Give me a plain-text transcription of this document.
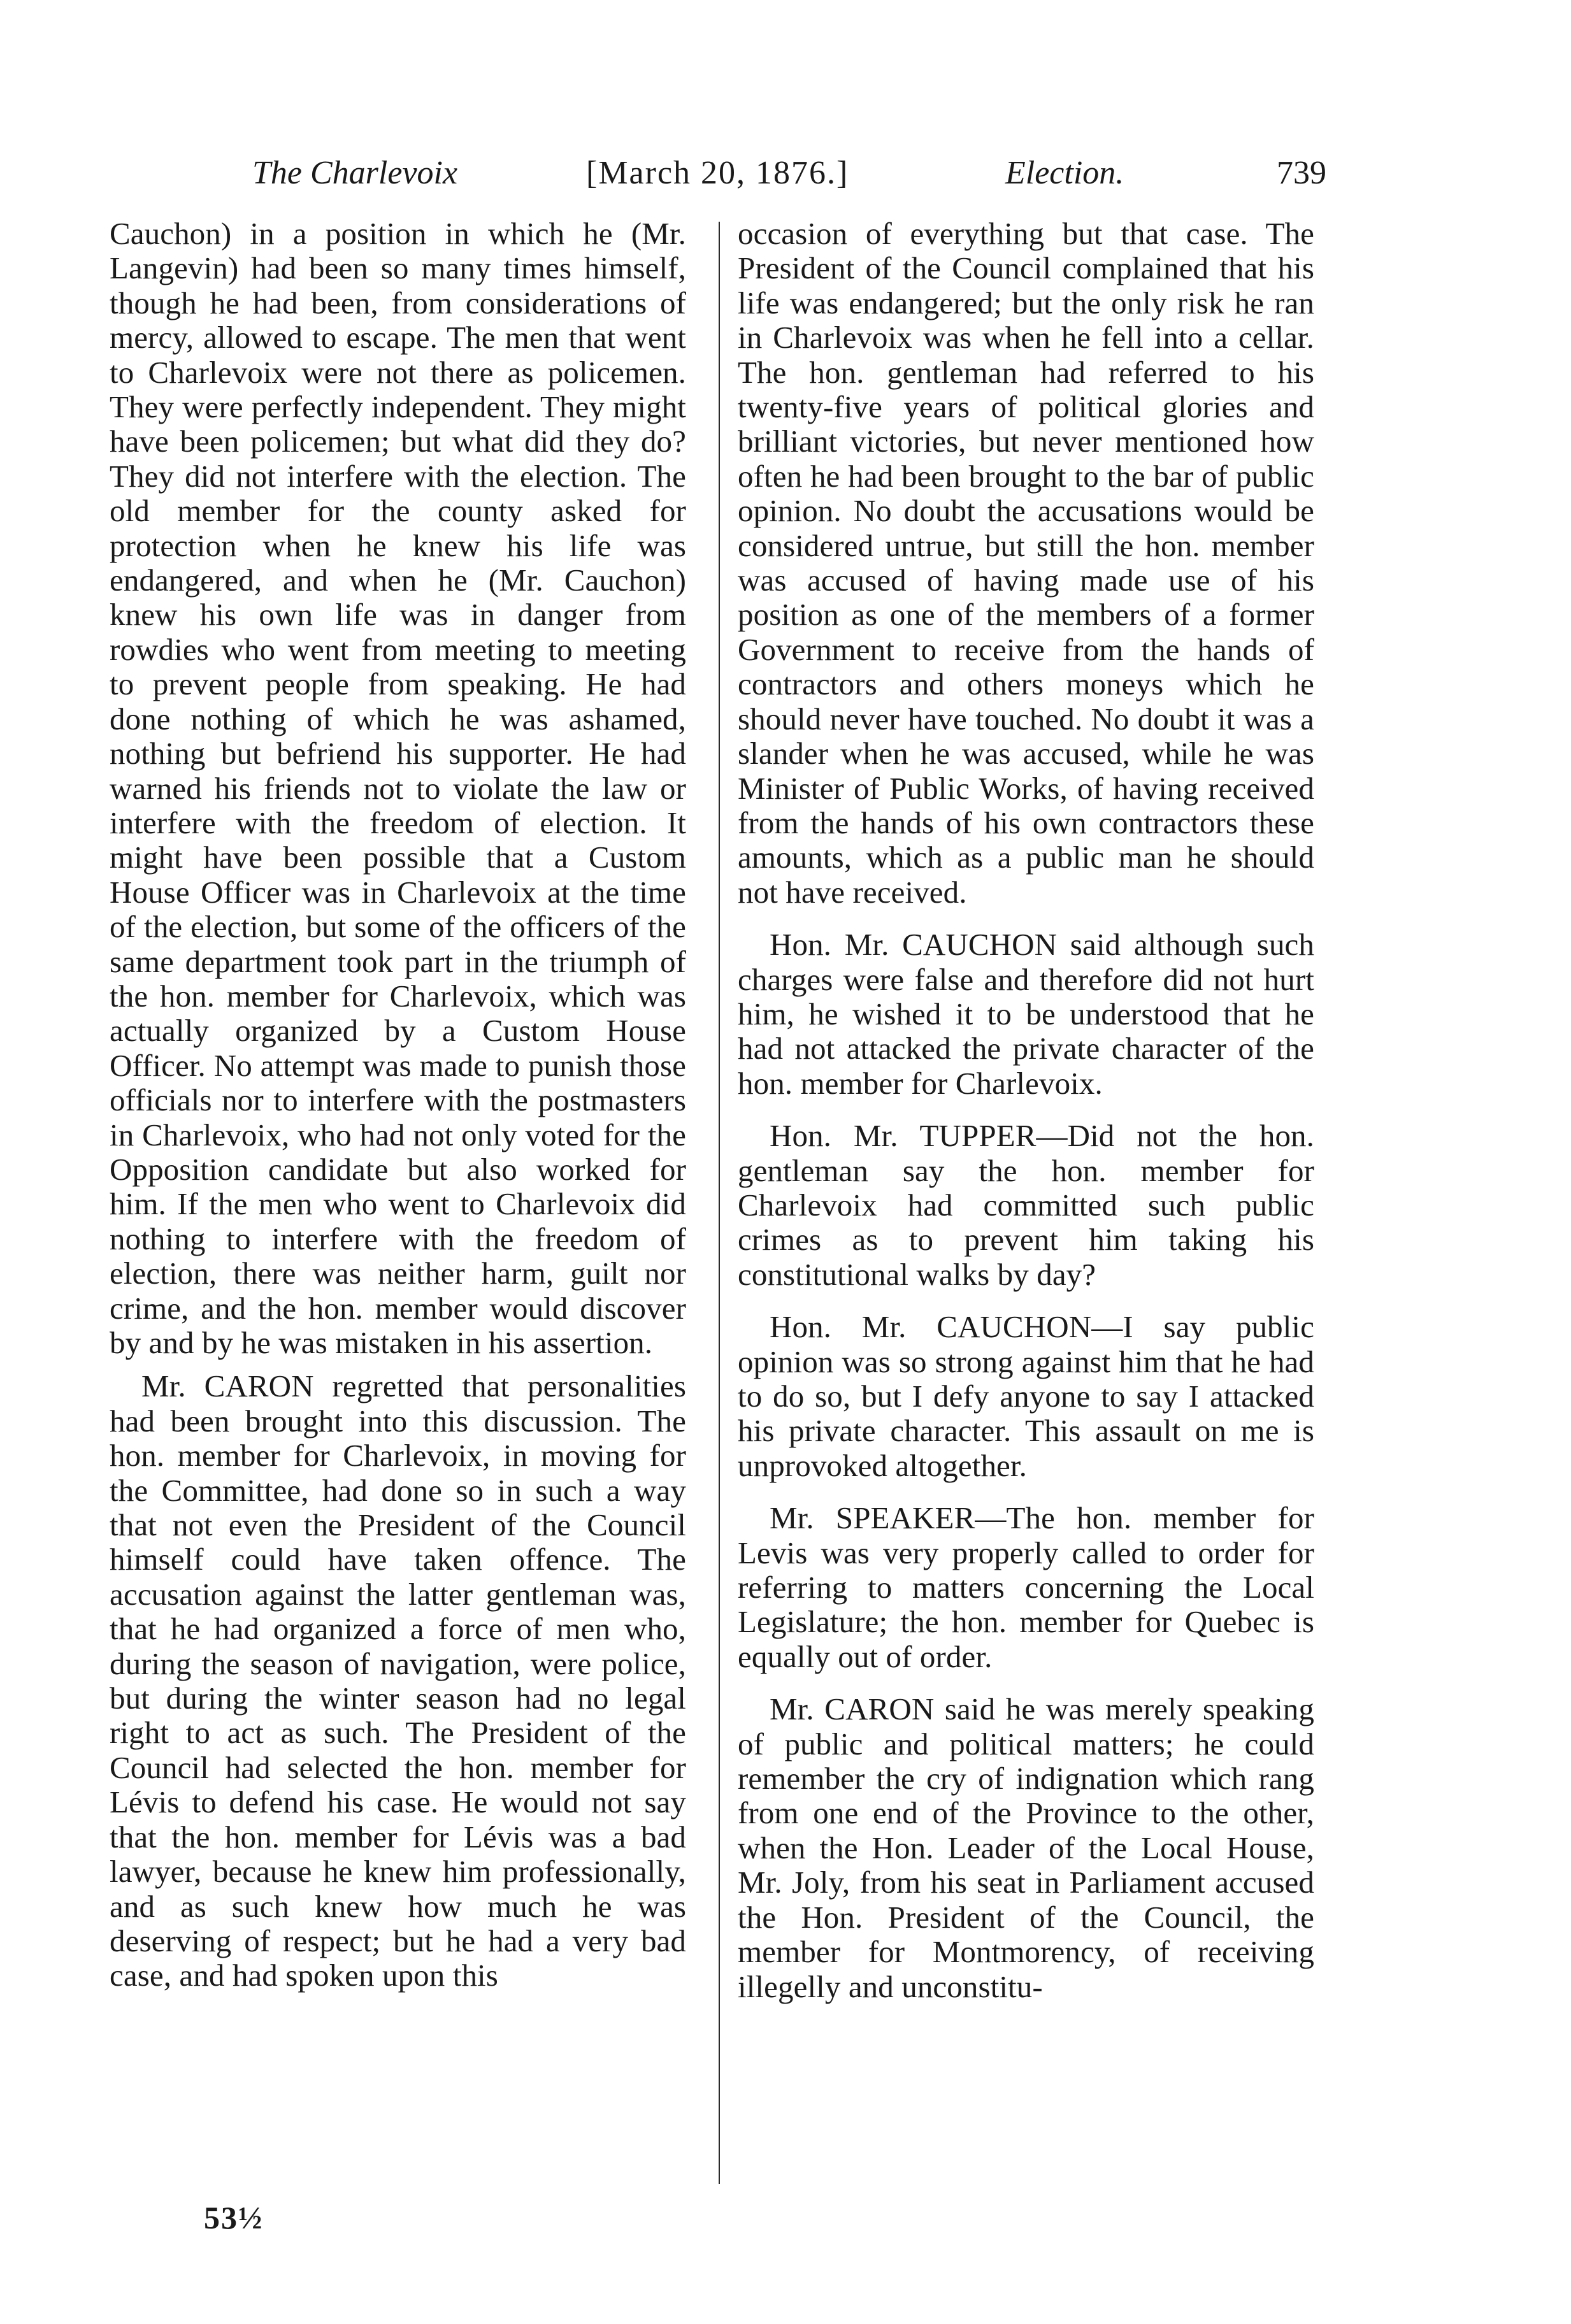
The Charlevoix	[March 20, 1876.]	Election.	739

Cauchon) in a position in which he (Mr. Langevin) had been so many times himself, though he had been, from considerations of mercy, allowed to escape. The men that went to Charlevoix were not there as policemen. They were perfectly independent. They might have been policemen; but what did they do? They did not interfere with the election. The old member for the county asked for protection when he knew his life was endangered, and when he (Mr. Cauchon) knew his own life was in danger from rowdies who went from meeting to meeting to prevent people from speaking. He had done nothing of which he was ashamed, nothing but befriend his supporter. He had warned his friends not to violate the law or interfere with the freedom of election. It might have been possible that a Custom House Officer was in Charlevoix at the time of the election, but some of the officers of the same department took part in the triumph of the hon. member for Charlevoix, which was actually organized by a Custom House Officer. No attempt was made to punish those officials nor to interfere with the postmasters in Charlevoix, who had not only voted for the Opposition candidate but also worked for him. If the men who went to Charlevoix did nothing to interfere with the freedom of election, there was neither harm, guilt nor crime, and the hon. member would discover by and by he was mistaken in his assertion.

Mr. CARON regretted that personalities had been brought into this discussion. The hon. member for Charlevoix, in moving for the Committee, had done so in such a way that not even the President of the Council himself could have taken offence. The accusation against the latter gentleman was, that he had organized a force of men who, during the season of navigation, were police, but during the winter season had no legal right to act as such. The President of the Council had selected the hon. member for Lévis to defend his case. He would not say that the hon. member for Lévis was a bad lawyer, because he knew him professionally, and as such knew how much he was deserving of respect; but he had a very bad case, and had spoken upon this

occasion of everything but that case. The President of the Council complained that his life was endangered; but the only risk he ran in Charlevoix was when he fell into a cellar. The hon. gentleman had referred to his twenty-five years of political glories and brilliant victories, but never mentioned how often he had been brought to the bar of public opinion. No doubt the accusations would be considered untrue, but still the hon. member was accused of having made use of his position as one of the members of a former Government to receive from the hands of contractors and others moneys which he should never have touched. No doubt it was a slander when he was accused, while he was Minister of Public Works, of having received from the hands of his own contractors these amounts, which as a public man he should not have received.

Hon. Mr. CAUCHON said although such charges were false and therefore did not hurt him, he wished it to be understood that he had not attacked the private character of the hon. member for Charlevoix.

Hon. Mr. TUPPER—Did not the hon. gentleman say the hon. member for Charlevoix had committed such public crimes as to prevent him taking his constitutional walks by day?

Hon. Mr. CAUCHON—I say public opinion was so strong against him that he had to do so, but I defy anyone to say I attacked his private character. This assault on me is unprovoked altogether.

Mr. SPEAKER—The hon. member for Levis was very properly called to order for referring to matters concerning the Local Legislature; the hon. member for Quebec is equally out of order.

Mr. CARON said he was merely speaking of public and political matters; he could remember the cry of indignation which rang from one end of the Province to the other, when the Hon. Leader of the Local House, Mr. Joly, from his seat in Parliament accused the Hon. President of the Council, the member for Montmorency, of receiving illegelly and unconstitu-

53½
